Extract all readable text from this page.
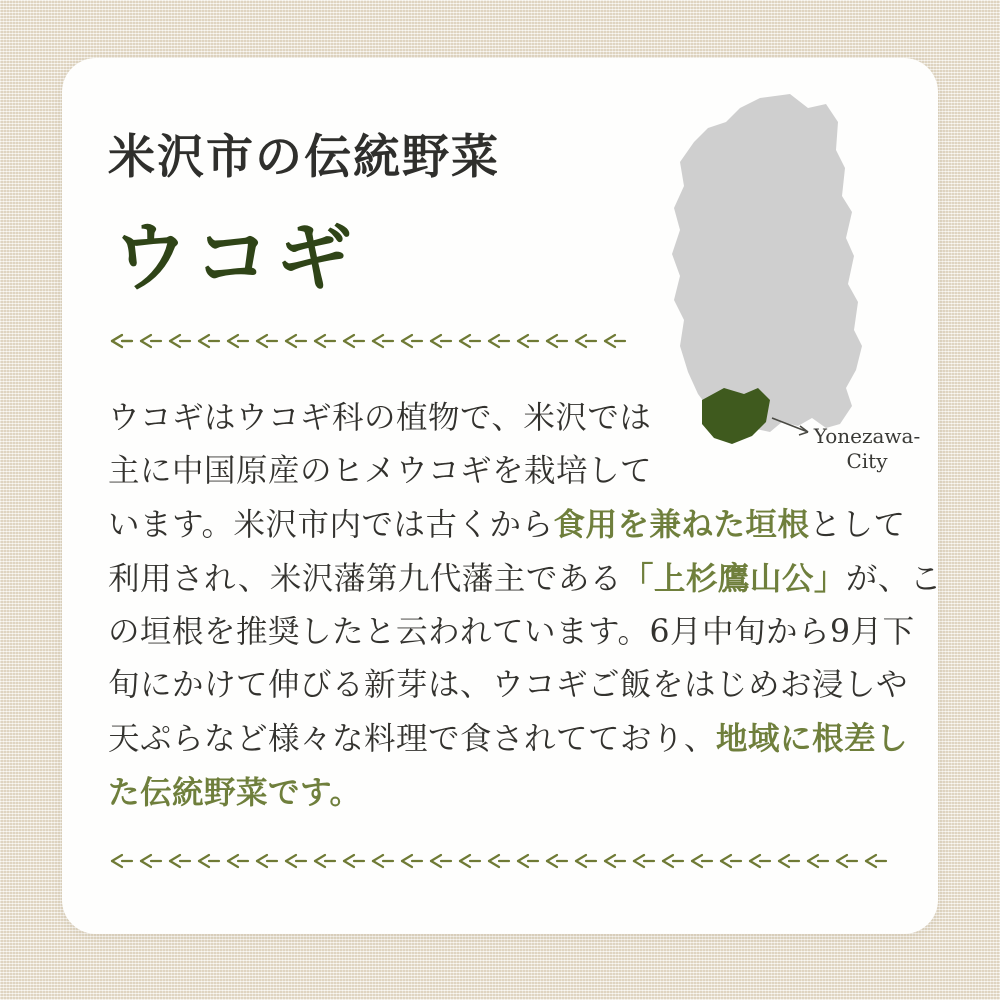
米沢市の伝統野菜
ウコギ
Yonezawa-
City
ウコギはウコギ科の植物で、米沢では
主に中国原産のヒメウコギを栽培して
います。米沢市内では古くから食用を兼ねた垣根として
利用され、米沢藩第九代藩主である「上杉鷹山公」が、こ
の垣根を推奨したと云われています。6月中旬から9月下
旬にかけて伸びる新芽は、ウコギご飯をはじめお浸しや
天ぷらなど様々な料理で食されてており、地域に根差し
た伝統野菜です。
